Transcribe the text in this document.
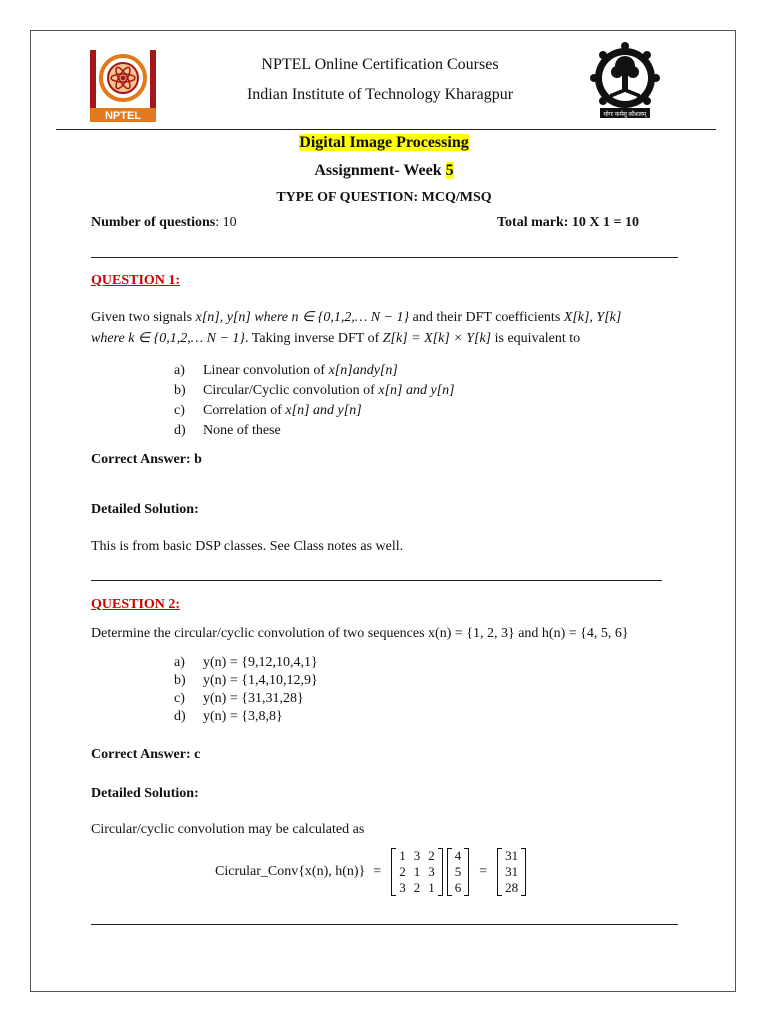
NPTEL	योगः कर्मसु कौशलम्
NPTEL Online Certification Courses
Indian Institute of Technology Kharagpur
Digital Image Processing
Assignment- Week 5
TYPE OF QUESTION: MCQ/MSQ
Number of questions: 10	Total mark: 10 X 1 = 10
QUESTION 1:
Given two signals x[n], y[n] where n ∈ {0,1,2,… N − 1} and their DFT coefficients X[k], Y[k]
where k ∈ {0,1,2,… N − 1}. Taking inverse DFT of Z[k] = X[k] × Y[k] is equivalent to
a) Linear convolution of x[n]andy[n]
b) Circular/Cyclic convolution of x[n] and y[n]
c) Correlation of x[n] and y[n]
d) None of these
Correct Answer: b
Detailed Solution:
This is from basic DSP classes. See Class notes as well.
QUESTION 2:
Determine the circular/cyclic convolution of two sequences x(n) = {1, 2, 3} and h(n) = {4, 5, 6}
a) y(n) = {9,12,10,4,1}
b) y(n) = {1,4,10,12,9}
c) y(n) = {31,31,28}
d) y(n) = {3,8,8}
Correct Answer: c
Detailed Solution:
Circular/cyclic convolution may be calculated as
Cicrular_Conv{x(n), h(n)} =
1
2
3
3
1
2
2
3
1
4
5
6
=
31
31
28
